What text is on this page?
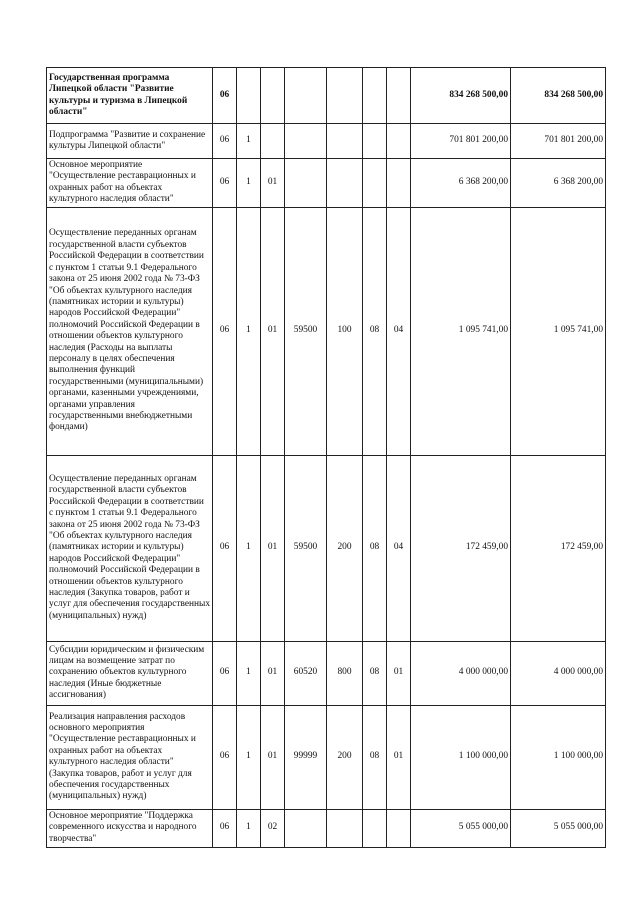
Государственная программа Липецкой области "Развитие культуры и туризма в Липецкой области"	06							834 268 500,00	834 268 500,00
Подпрограмма "Развитие и сохранение культуры Липецкой области"	06	1						701 801 200,00	701 801 200,00
Основное мероприятие "Осуществление реставрационных и охранных работ на объектах культурного наследия области"	06	1	01					6 368 200,00	6 368 200,00
Осуществление переданных органам государственной власти субъектов Российской Федерации в соответствии с пунктом 1 статьи 9.1 Федерального закона от 25 июня 2002 года № 73-ФЗ "Об объектах культурного наследия (памятниках истории и культуры) народов Российской Федерации" полномочий Российской Федерации в отношении объектов культурного наследия (Расходы на выплаты персоналу в целях обеспечения выполнения функций государственными (муниципальными) органами, казенными учреждениями, органами управления государственными внебюджетными фондами)	06	1	01	59500	100	08	04	1 095 741,00	1 095 741,00
Осуществление переданных органам государственной власти субъектов Российской Федерации в соответствии с пунктом 1 статьи 9.1 Федерального закона от 25 июня 2002 года № 73-ФЗ "Об объектах культурного наследия (памятниках истории и культуры) народов Российской Федерации" полномочий Российской Федерации в отношении объектов культурного наследия (Закупка товаров, работ и услуг для обеспечения государственных (муниципальных) нужд)	06	1	01	59500	200	08	04	172 459,00	172 459,00
Субсидии юридическим и физическим лицам на возмещение затрат по сохранению объектов культурного наследия (Иные бюджетные ассигнования)	06	1	01	60520	800	08	01	4 000 000,00	4 000 000,00
Реализация направления расходов основного мероприятия "Осуществление реставрационных и охранных работ на объектах культурного наследия области" (Закупка товаров, работ и услуг для обеспечения государственных (муниципальных) нужд)	06	1	01	99999	200	08	01	1 100 000,00	1 100 000,00
Основное мероприятие "Поддержка современного искусства и народного творчества"	06	1	02					5 055 000,00	5 055 000,00
